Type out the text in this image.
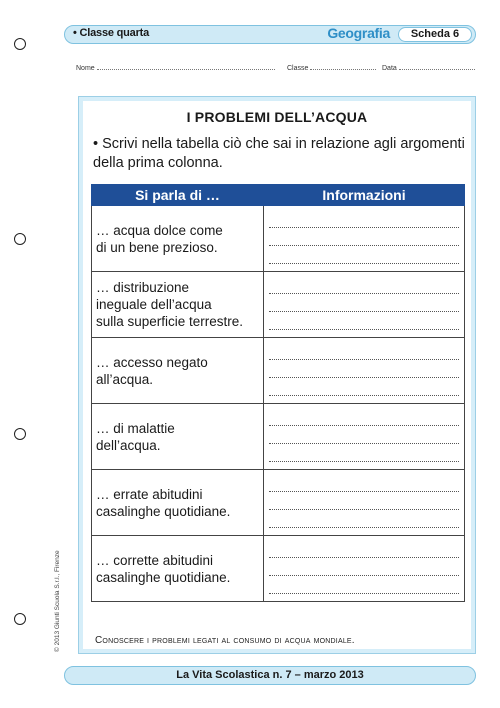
• Classe quarta	Geografia	Scheda 6
Nome	Classe	Data
I PROBLEMI DELL’ACQUA
• Scrivi nella tabella ciò che sai in relazione agli argomenti della prima colonna.
Si parla di …	Informazioni

… acqua dolce come
di un bene prezioso.	

… distribuzione
ineguale dell’acqua
sulla superficie terrestre.	

… accesso negato
all’acqua.	

… di malattie
dell’acqua.	

… errate abitudini
casalinghe quotidiane.	

… corrette abitudini
casalinghe quotidiane.	

Conoscere i problemi legati al consumo di acqua mondiale.
© 2013 Giunti Scuola S.r.l., Firenze
La Vita Scolastica n. 7 – marzo 2013
